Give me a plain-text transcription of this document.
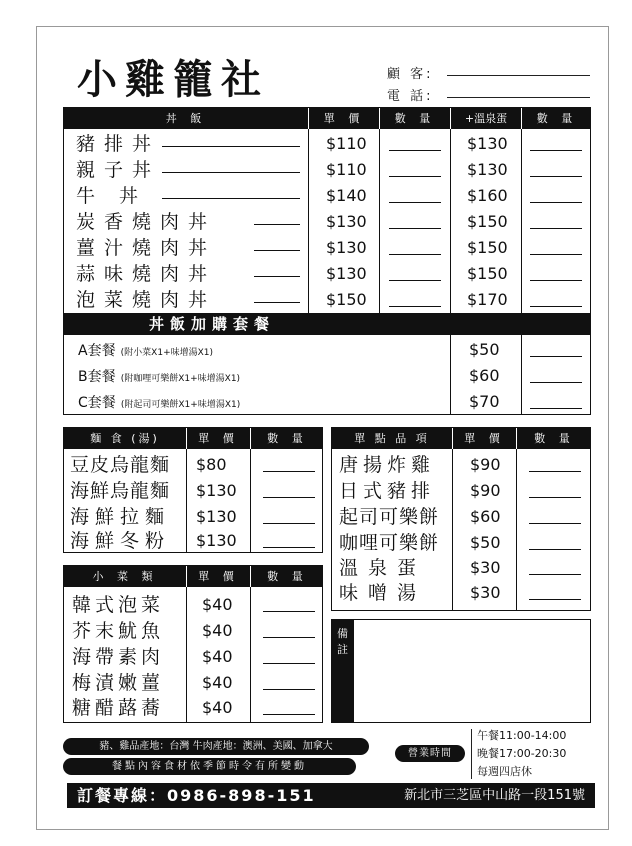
小雞籠社	顧 客:
電 話:
丼 飯	單 價	數 量	+溫泉蛋	數 量
豬排丼	$110	$130
親子丼	$110	$130
牛 丼	$140	$160
炭香燒肉丼	$130	$150
薑汁燒肉丼	$130	$150
蒜味燒肉丼	$130	$150
泡菜燒肉丼	$150	$170
丼飯加購套餐
A套餐 (附小菜X1+味增湯X1)	$50
B套餐 (附咖哩可樂餅X1+味增湯X1)	$60
C套餐 (附起司可樂餅X1+味增湯X1)	$70
麵 食 (湯)	單 價	數 量
豆皮烏龍麵 $80
海鮮烏龍麵 $130
海鮮拉麵 $130
海鮮冬粉 $130
小 菜 類	單 價	數 量
韓式泡菜 $40
芥末魷魚 $40
海帶素肉 $40
梅漬嫩薑 $40
糖醋蕗蕎 $40
單 點 品 項	單 價	數 量
唐揚炸雞 $90
日式豬排 $90
起司可樂餅 $60
咖哩可樂餅 $50
溫泉蛋	$30
味噌湯	$30
備註
豬、雞品產地：台灣 牛肉產地：澳洲、美國、加拿大
餐點內容食材依季節時令有所變動
營業時間
午餐11:00-14:00
晚餐17:00-20:30
每週四店休
訂餐專線：0986-898-151	新北市三芝區中山路一段151號
